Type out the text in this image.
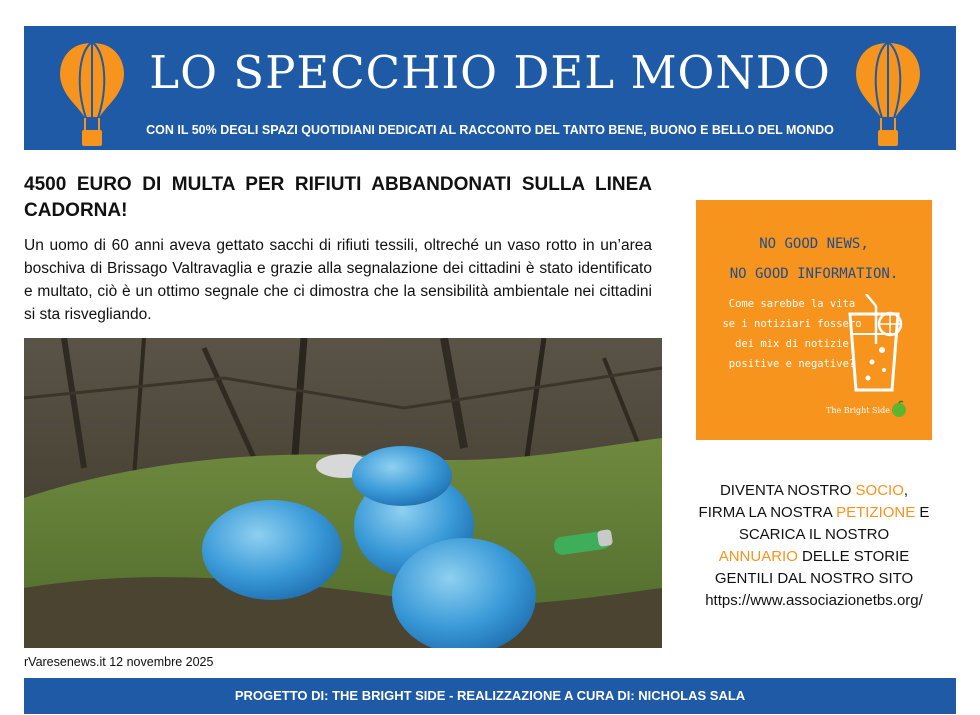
LO SPECCHIO DEL MONDO
CON IL 50% DEGLI SPAZI QUOTIDIANI DEDICATI AL RACCONTO DEL TANTO BENE, BUONO E BELLO DEL MONDO
4500 EURO DI MULTA PER RIFIUTI ABBANDONATI SULLA LINEA CADORNA!

Un uomo di 60 anni aveva gettato sacchi di rifiuti tessili, oltreché un vaso rotto in un’area boschiva di Brissago Valtravaglia e grazie alla segnalazione dei cittadini è stato identificato e multato, ciò è un ottimo segnale che ci dimostra che la sensibilità ambientale nei cittadini si sta risvegliando.

rVaresenews.it 12 novembre 2025
NO GOOD NEWS,
NO GOOD INFORMATION.
Come sarebbe la vita
se i notiziari fossero
dei mix di notizie
positive e negative?
The Bright Side
DIVENTA NOSTRO SOCIO,
FIRMA LA NOSTRA PETIZIONE E
SCARICA IL NOSTRO
ANNUARIO DELLE STORIE
GENTILI DAL NOSTRO SITO
https://www.associazionetbs.org/
PROGETTO DI: THE BRIGHT SIDE - REALIZZAZIONE A CURA DI: NICHOLAS SALA
